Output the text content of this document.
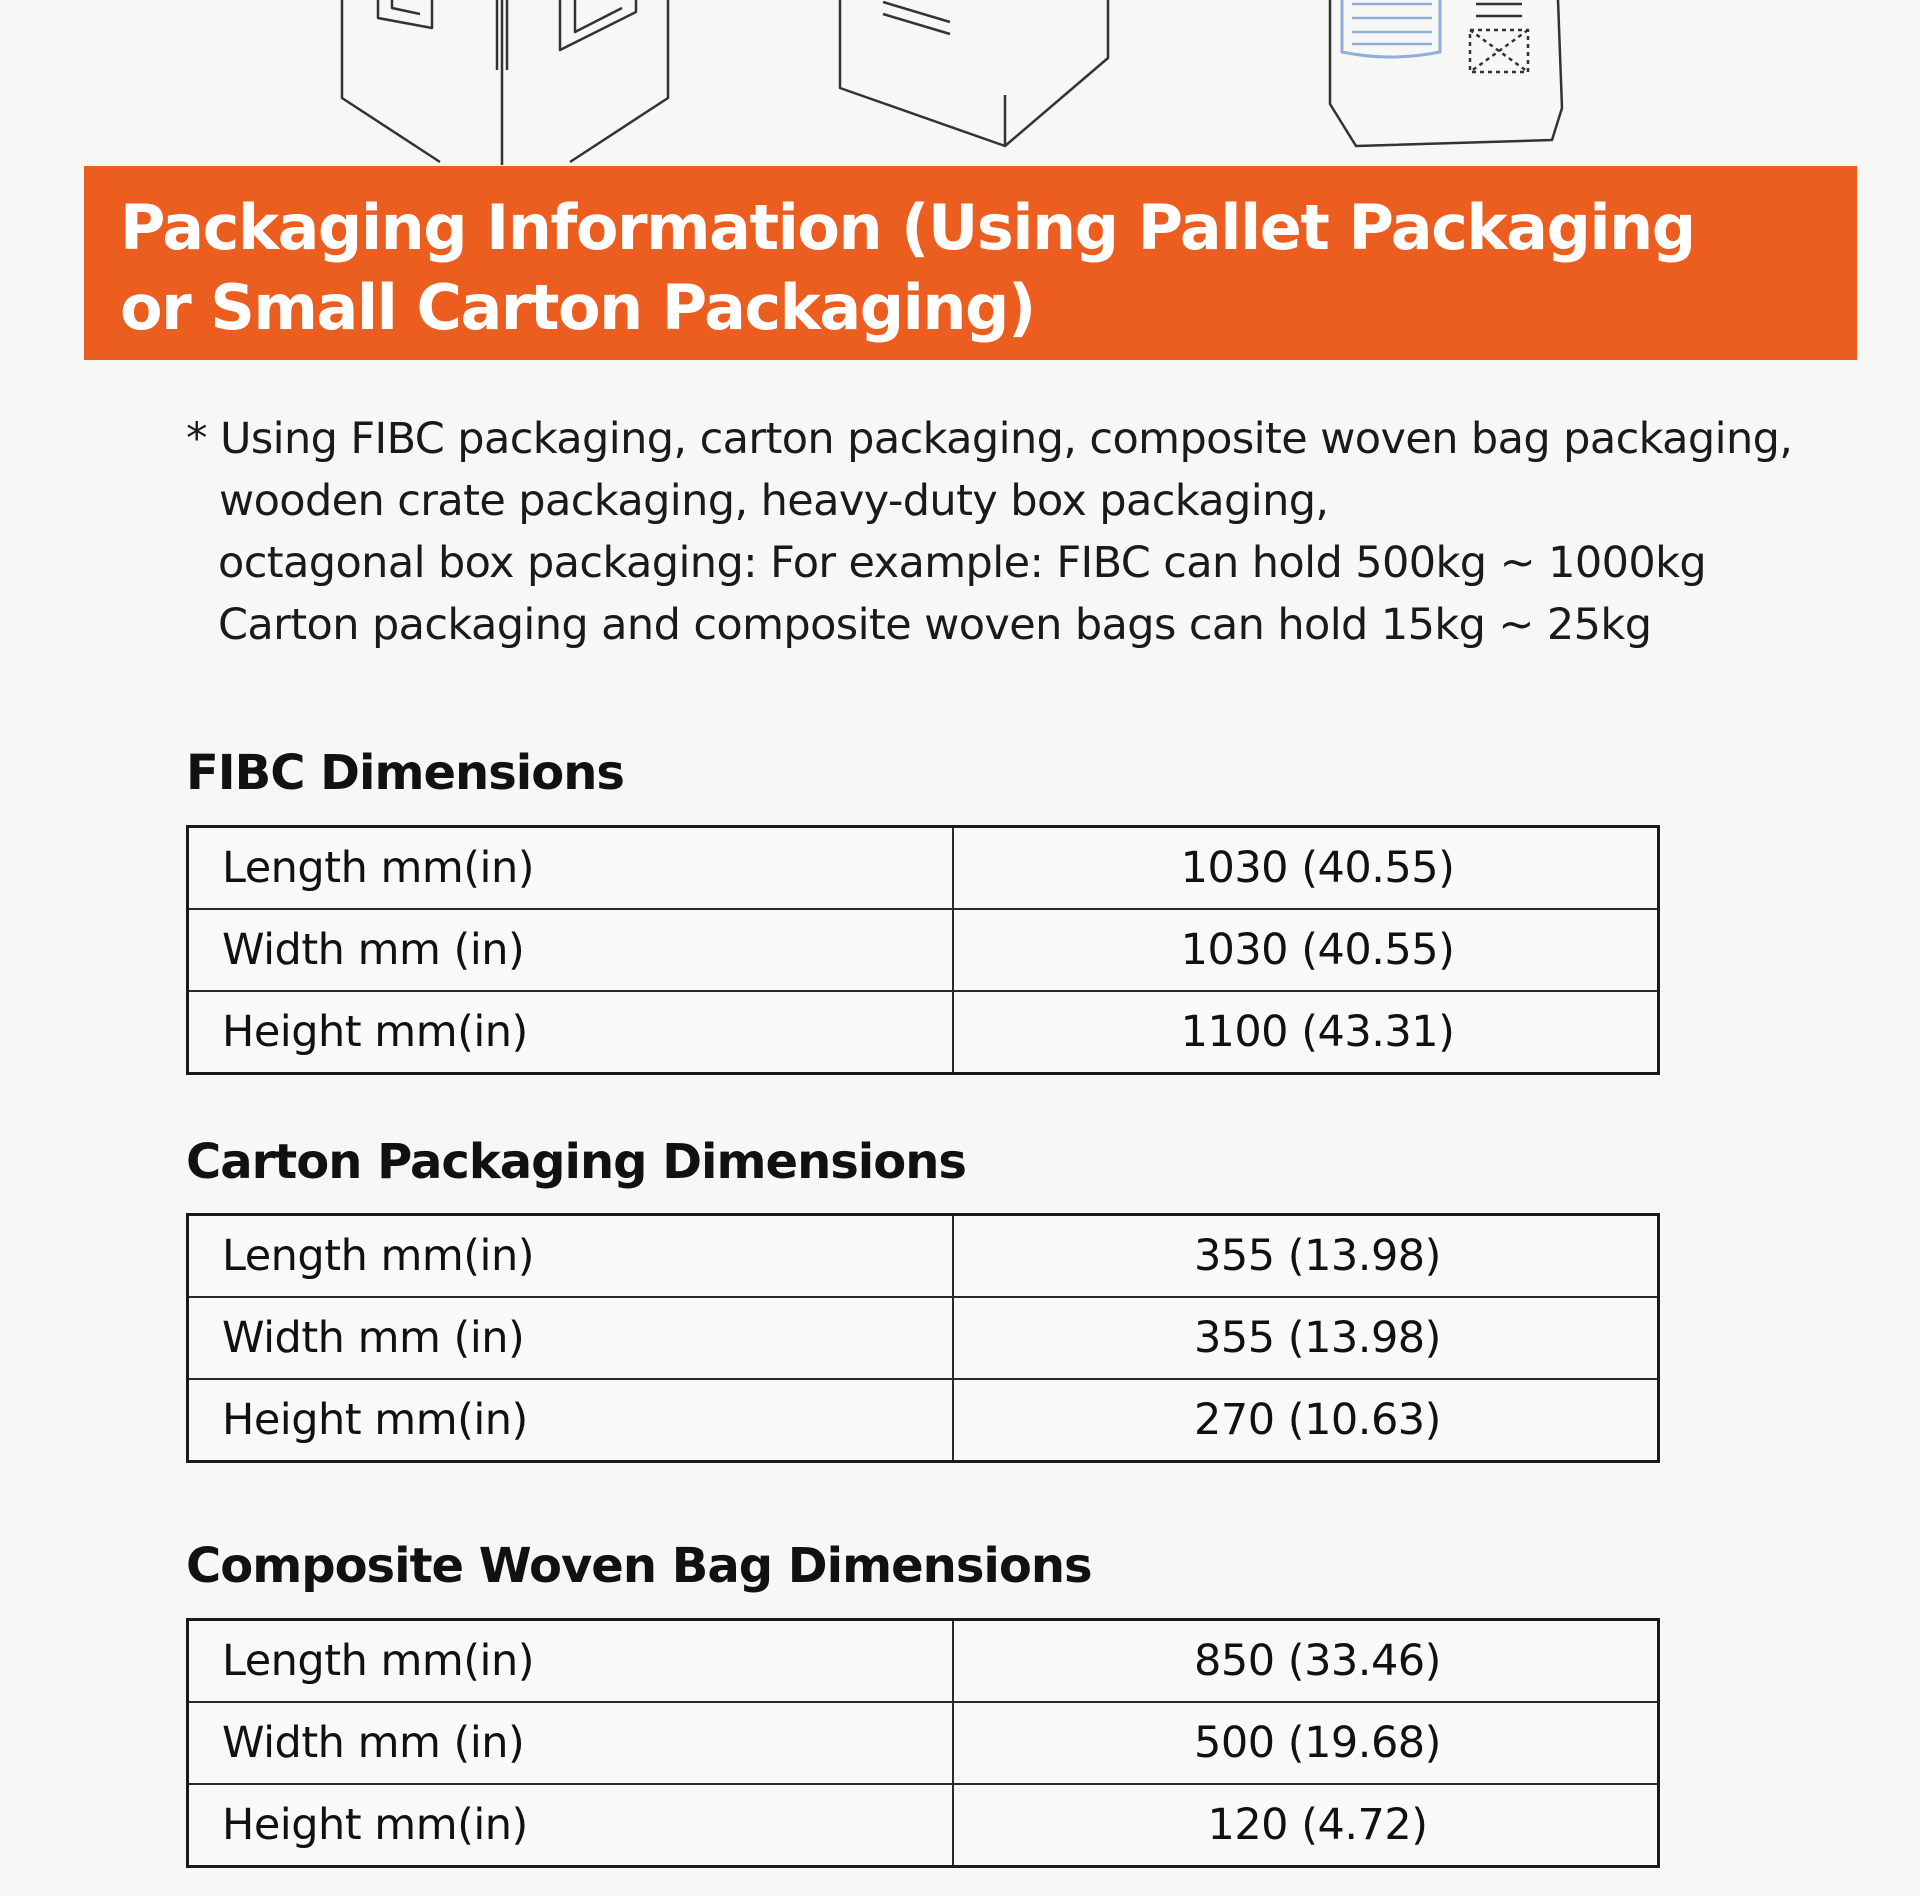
Packaging Information (Using Pallet Packaging
or Small Carton Packaging)
* Using FIBC packaging, carton packaging, composite woven bag packaging,
wooden crate packaging, heavy-duty box packaging,
octagonal box packaging: For example: FIBC can hold 500kg ~ 1000kg
Carton packaging and composite woven bags can hold 15kg ~ 25kg
FIBC Dimensions
Length mm(in)	1030 (40.55)
Width mm (in)	1030 (40.55)
Height mm(in)	1100 (43.31)
Carton Packaging Dimensions
Length mm(in)	355 (13.98)
Width mm (in)	355 (13.98)
Height mm(in)	270 (10.63)
Composite Woven Bag Dimensions
Length mm(in)	850 (33.46)
Width mm (in)	500 (19.68)
Height mm(in)	120 (4.72)
